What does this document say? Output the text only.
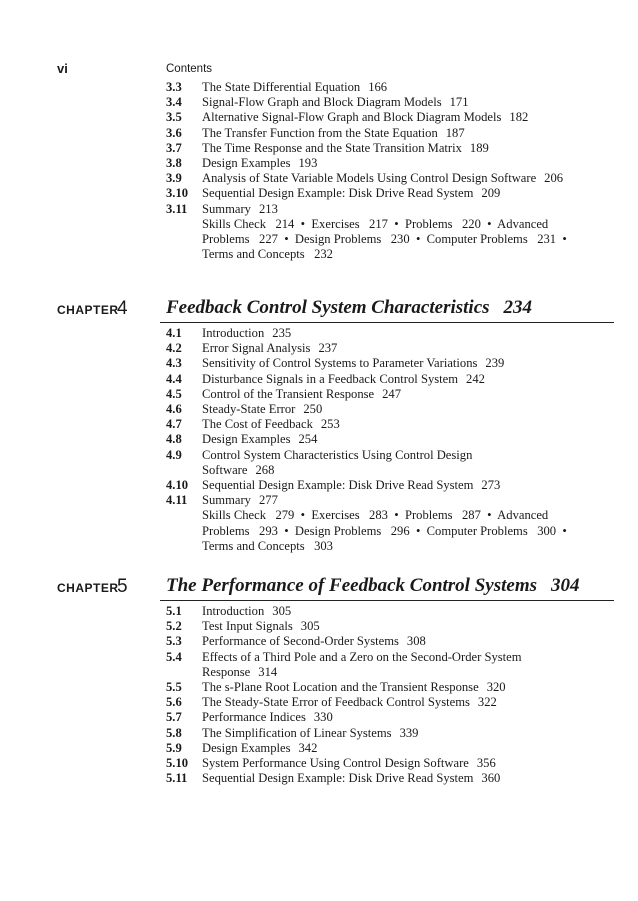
vi	Contents
3.3	The State Differential Equation 166
3.4	Signal-Flow Graph and Block Diagram Models 171
3.5	Alternative Signal-Flow Graph and Block Diagram Models 182
3.6	The Transfer Function from the State Equation 187
3.7	The Time Response and the State Transition Matrix 189
3.8	Design Examples 193
3.9	Analysis of State Variable Models Using Control Design Software 206
3.10	Sequential Design Example: Disk Drive Read System 209
3.11	Summary 213
Skills Check   214  •  Exercises   217  •  Problems   220  •  Advanced
Problems   227  •  Design Problems   230  •  Computer Problems   231  •
Terms and Concepts   232
CHAPTER
4 Feedback Control System Characteristics 234
4.1	Introduction 235
4.2	Error Signal Analysis 237
4.3	Sensitivity of Control Systems to Parameter Variations 239
4.4	Disturbance Signals in a Feedback Control System 242
4.5	Control of the Transient Response 247
4.6	Steady-State Error 250
4.7	The Cost of Feedback 253
4.8	Design Examples 254
4.9	Control System Characteristics Using Control Design
Software 268
4.10	Sequential Design Example: Disk Drive Read System 273
4.11	Summary 277
Skills Check   279  •  Exercises   283  •  Problems   287  •  Advanced
Problems   293  •  Design Problems   296  •  Computer Problems   300  •
Terms and Concepts   303
CHAPTER
5 The Performance of Feedback Control Systems 304
5.1	Introduction 305
5.2	Test Input Signals 305
5.3	Performance of Second-Order Systems 308
5.4	Effects of a Third Pole and a Zero on the Second-Order System
Response 314
5.5	The s-Plane Root Location and the Transient Response 320
5.6	The Steady-State Error of Feedback Control Systems 322
5.7	Performance Indices 330
5.8	The Simplification of Linear Systems 339
5.9	Design Examples 342
5.10	System Performance Using Control Design Software 356
5.11	Sequential Design Example: Disk Drive Read System 360
